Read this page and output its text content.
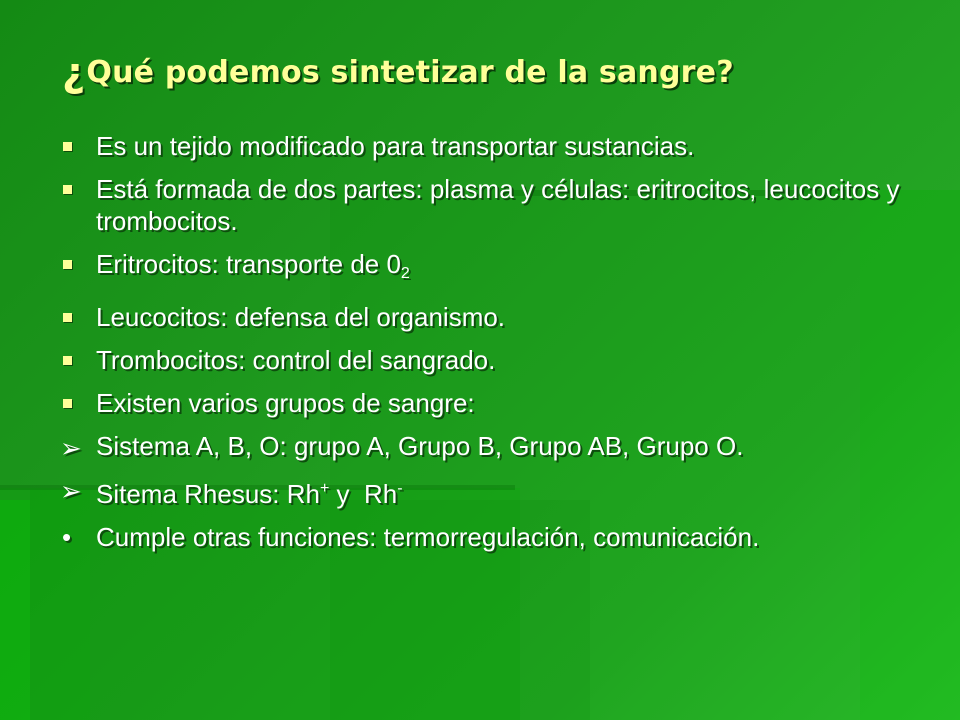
¿Qué podemos sintetizar de la sangre?
Es un tejido modificado para transportar sustancias.
Está formada de dos partes: plasma y células: eritrocitos, leucocitos y trombocitos.
Eritrocitos: transporte de $0_2$
Leucocitos: defensa del organismo.
Trombocitos: control del sangrado.
Existen varios grupos de sangre:
➢ Sistema A, B, O: grupo A, Grupo B, Grupo AB, Grupo O.
➢ Sitema Rhesus: Rh+ y  Rh-
• Cumple otras funciones: termorregulación, comunicación.
